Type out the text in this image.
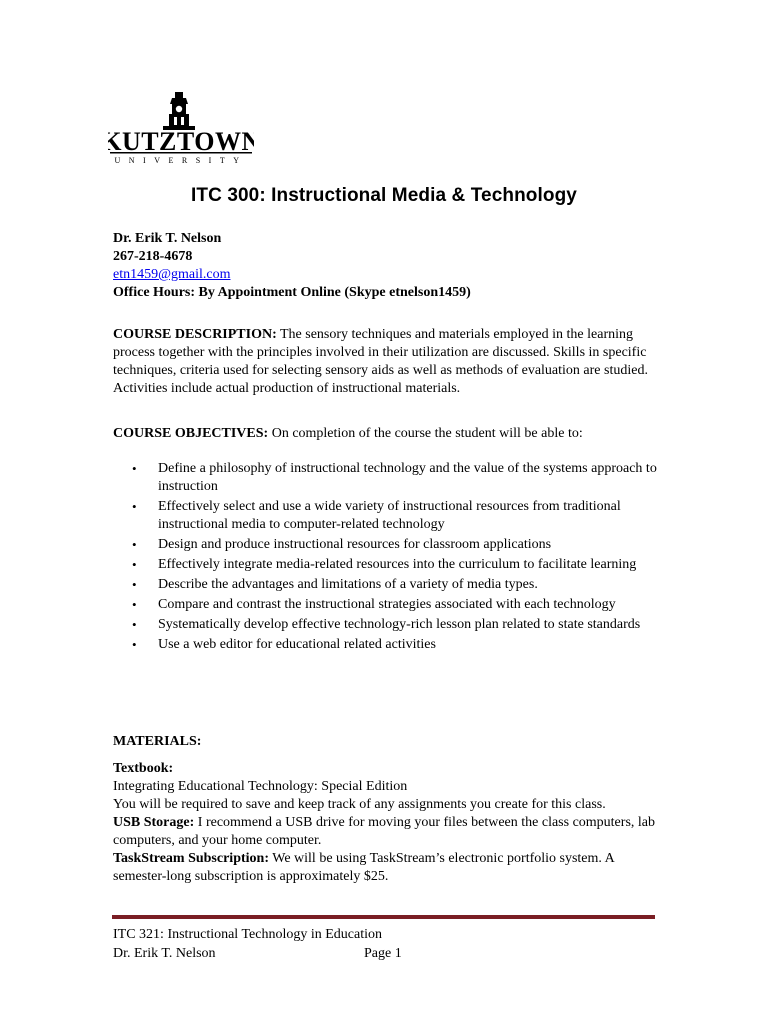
KUTZTOWN
UNIVERSITY
ITC 300: Instructional Media & Technology
Dr. Erik T. Nelson
267-218-4678
etn1459@gmail.com
Office Hours: By Appointment Online (Skype etnelson1459)
COURSE DESCRIPTION: The sensory techniques and materials employed in the learning process together with the principles involved in their utilization are discussed. Skills in specific techniques, criteria used for selecting sensory aids as well as methods of evaluation are studied. Activities include actual production of instructional materials.
COURSE OBJECTIVES: On completion of the course the student will be able to:
• Define a philosophy of instructional technology and the value of the systems approach to instruction
• Effectively select and use a wide variety of instructional resources from traditional instructional media to computer-related technology
• Design and produce instructional resources for classroom applications
• Effectively integrate media-related resources into the curriculum to facilitate learning
• Describe the advantages and limitations of a variety of media types.
• Compare and contrast the instructional strategies associated with each technology
• Systematically develop effective technology-rich lesson plan related to state standards
• Use a web editor for educational related activities
MATERIALS:
Textbook:
Integrating Educational Technology: Special Edition
You will be required to save and keep track of any assignments you create for this class.
USB Storage: I recommend a USB drive for moving your files between the class computers, lab computers, and your home computer.
TaskStream Subscription: We will be using TaskStream’s electronic portfolio system. A semester-long subscription is approximately $25.
ITC 321: Instructional Technology in Education
Dr. Erik T. Nelson	Page 1
